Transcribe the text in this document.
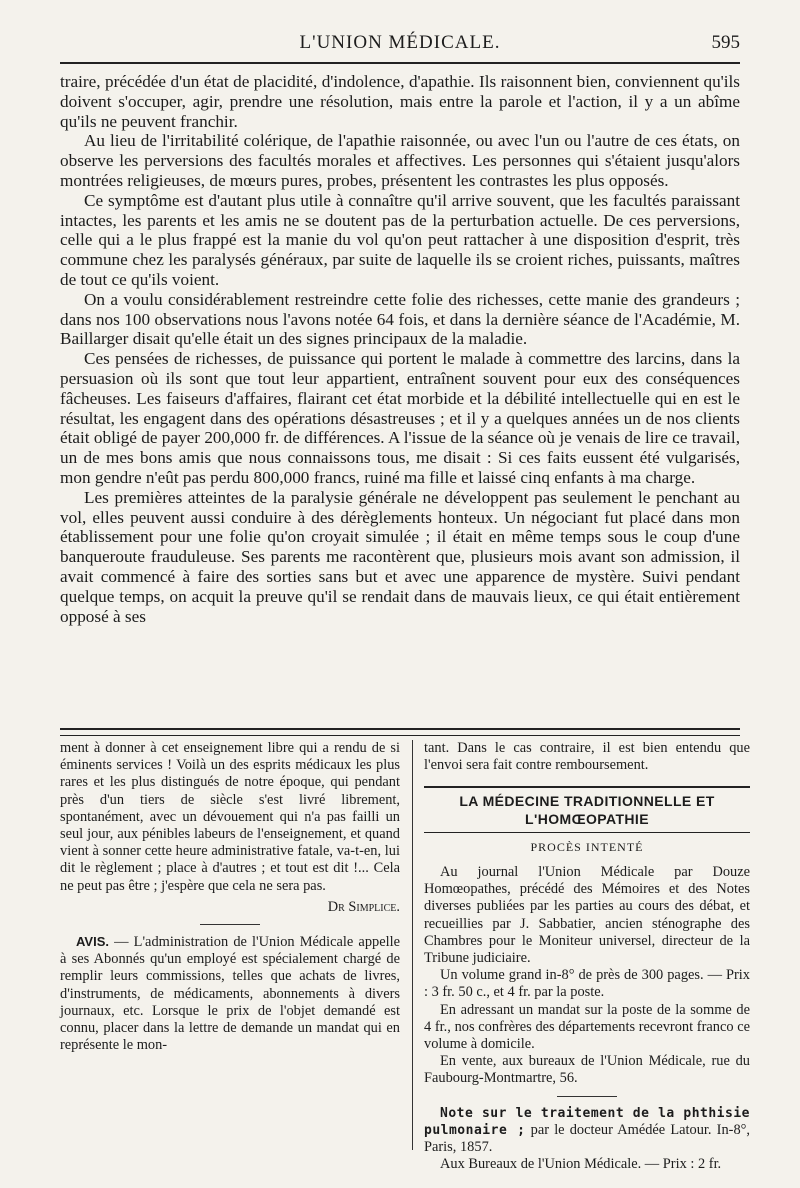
L'UNION MÉDICALE.	595

traire, précédée d'un état de placidité, d'indolence, d'apathie. Ils raisonnent bien, conviennent qu'ils doivent s'occuper, agir, prendre une résolution, mais entre la parole et l'action, il y a un abîme qu'ils ne peuvent franchir.

Au lieu de l'irritabilité colérique, de l'apathie raisonnée, ou avec l'un ou l'autre de ces états, on observe les perversions des facultés morales et affectives. Les personnes qui s'étaient jusqu'alors montrées religieuses, de mœurs pures, probes, présentent les contrastes les plus opposés.

Ce symptôme est d'autant plus utile à connaître qu'il arrive souvent, que les facultés paraissant intactes, les parents et les amis ne se doutent pas de la perturbation actuelle. De ces perversions, celle qui a le plus frappé est la manie du vol qu'on peut rattacher à une disposition d'esprit, très commune chez les paralysés généraux, par suite de laquelle ils se croient riches, puissants, maîtres de tout ce qu'ils voient.

On a voulu considérablement restreindre cette folie des richesses, cette manie des grandeurs ; dans nos 100 observations nous l'avons notée 64 fois, et dans la dernière séance de l'Académie, M. Baillarger disait qu'elle était un des signes principaux de la maladie.

Ces pensées de richesses, de puissance qui portent le malade à commettre des larcins, dans la persuasion où ils sont que tout leur appartient, entraînent souvent pour eux des conséquences fâcheuses. Les faiseurs d'affaires, flairant cet état morbide et la débilité intellectuelle qui en est le résultat, les engagent dans des opérations désastreuses ; et il y a quelques années un de nos clients était obligé de payer 200,000 fr. de différences. A l'issue de la séance où je venais de lire ce travail, un de mes bons amis que nous connaissons tous, me disait : Si ces faits eussent été vulgarisés, mon gendre n'eût pas perdu 800,000 francs, ruiné ma fille et laissé cinq enfants à ma charge.

Les premières atteintes de la paralysie générale ne développent pas seulement le penchant au vol, elles peuvent aussi conduire à des dérèglements honteux. Un négociant fut placé dans mon établissement pour une folie qu'on croyait simulée ; il était en même temps sous le coup d'une banqueroute frauduleuse. Ses parents me racontèrent que, plusieurs mois avant son admission, il avait commencé à faire des sorties sans but et avec une apparence de mystère. Suivi pendant quelque temps, on acquit la preuve qu'il se rendait dans de mauvais lieux, ce qui était entièrement opposé à ses

ment à donner à cet enseignement libre qui a rendu de si éminents services ! Voilà un des esprits médicaux les plus rares et les plus distingués de notre époque, qui pendant près d'un tiers de siècle s'est livré librement, spontanément, avec un dévouement qui n'a pas failli un seul jour, aux pénibles labeurs de l'enseignement, et quand vient à sonner cette heure administrative fatale, va-t-en, lui dit le règlement ; place à d'autres ; et tout est dit !... Cela ne peut pas être ; j'espère que cela ne sera pas.

Dr Simplice.

AVIS. — L'administration de l'Union Médicale appelle à ses Abonnés qu'un employé est spécialement chargé de remplir leurs commissions, telles que achats de livres, d'instruments, de médicaments, abonnements à divers journaux, etc. Lorsque le prix de l'objet demandé est connu, placer dans la lettre de demande un mandat qui en représente le mon-

tant. Dans le cas contraire, il est bien entendu que l'envoi sera fait contre remboursement.

LA MÉDECINE TRADITIONNELLE ET L'HOMŒOPATHIE

PROCÈS INTENTÉ

Au journal l'Union Médicale par Douze Homœopathes, précédé des Mémoires et des Notes diverses publiées par les parties au cours des débat, et recueillies par J. Sabbatier, ancien sténographe des Chambres pour le Moniteur universel, directeur de la Tribune judiciaire.

Un volume grand in-8° de près de 300 pages. — Prix : 3 fr. 50 c., et 4 fr. par la poste.

En adressant un mandat sur la poste de la somme de 4 fr., nos confrères des départements recevront franco ce volume à domicile.

En vente, aux bureaux de l'Union Médicale, rue du Faubourg-Montmartre, 56.

Note sur le traitement de la phthisie pulmonaire ; par le docteur Amédée Latour. In-8°, Paris, 1857.

Aux Bureaux de l'Union Médicale. — Prix : 2 fr.
